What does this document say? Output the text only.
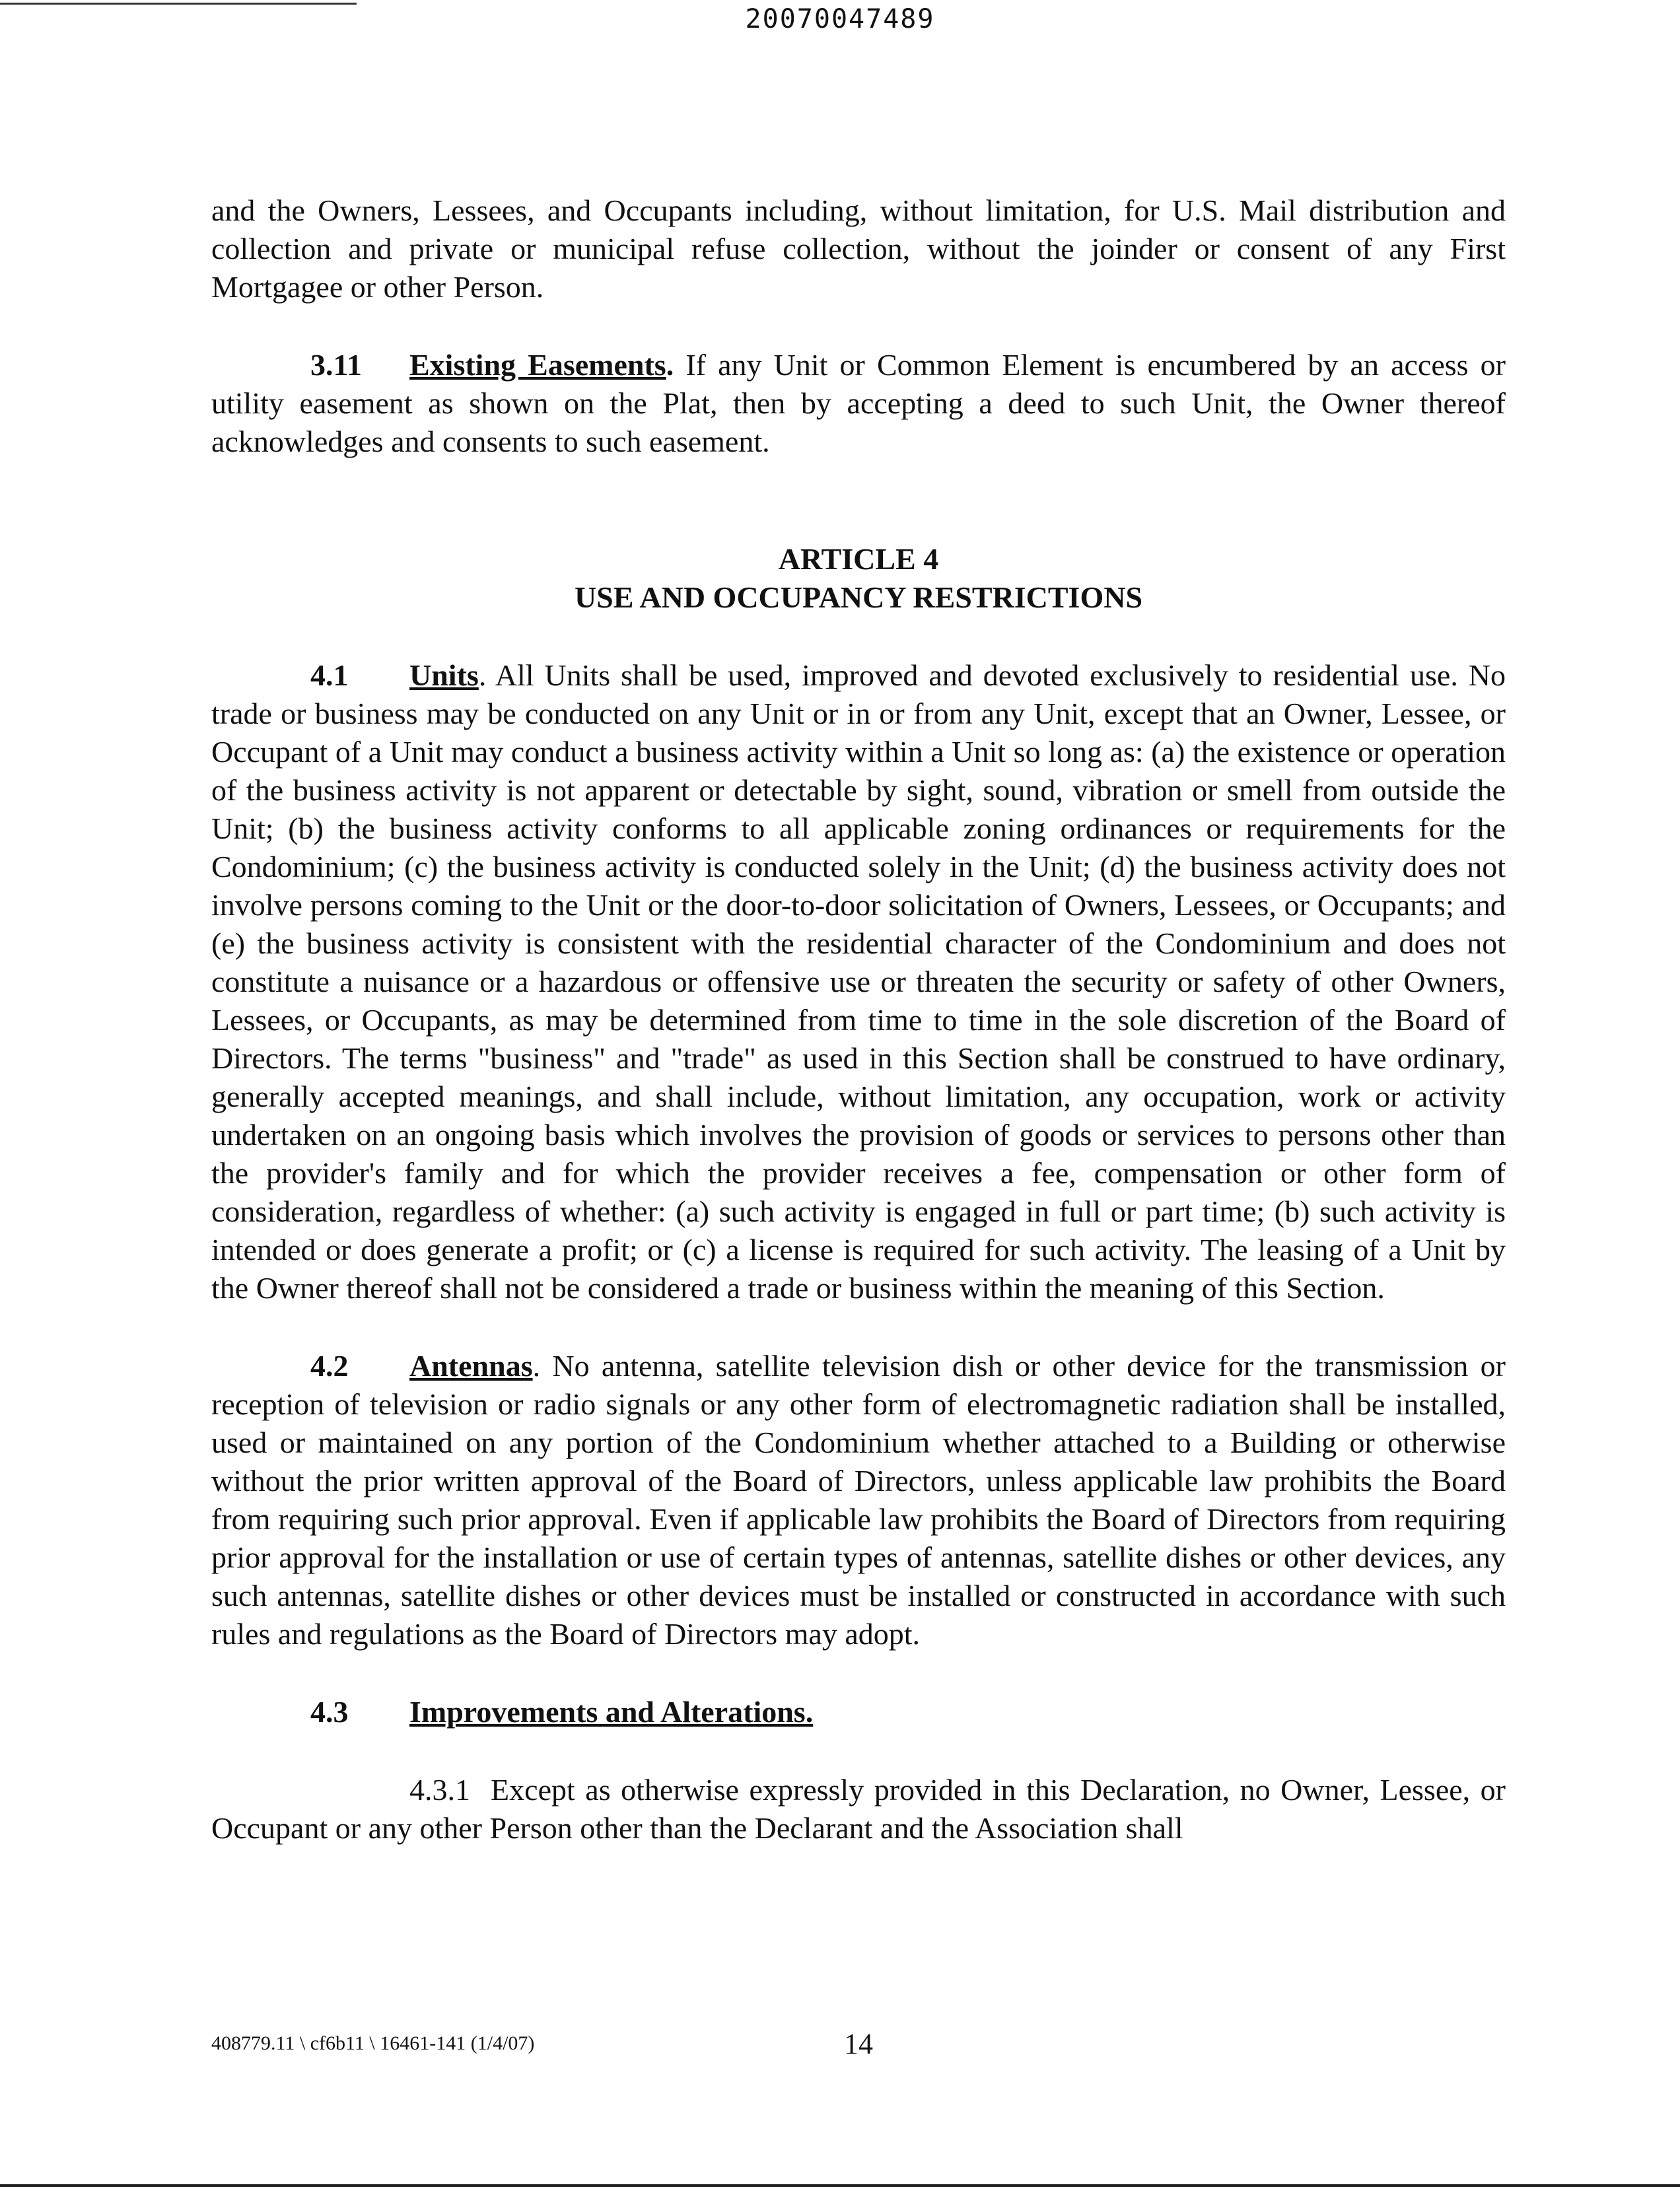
20070047489

and the Owners, Lessees, and Occupants including, without limitation, for U.S. Mail distribution and collection and private or municipal refuse collection, without the joinder or consent of any First Mortgagee or other Person.

3.11 Existing Easements. If any Unit or Common Element is encumbered by an access or utility easement as shown on the Plat, then by accepting a deed to such Unit, the Owner thereof acknowledges and consents to such easement.

ARTICLE 4
USE AND OCCUPANCY RESTRICTIONS

4.1 Units. All Units shall be used, improved and devoted exclusively to residential use. No trade or business may be conducted on any Unit or in or from any Unit, except that an Owner, Lessee, or Occupant of a Unit may conduct a business activity within a Unit so long as: (a) the existence or operation of the business activity is not apparent or detectable by sight, sound, vibration or smell from outside the Unit; (b) the business activity conforms to all applicable zoning ordinances or requirements for the Condominium; (c) the business activity is conducted solely in the Unit; (d) the business activity does not involve persons coming to the Unit or the door-to-door solicitation of Owners, Lessees, or Occupants; and (e) the business activity is consistent with the residential character of the Condominium and does not constitute a nuisance or a hazardous or offensive use or threaten the security or safety of other Owners, Lessees, or Occupants, as may be determined from time to time in the sole discretion of the Board of Directors. The terms "business" and "trade" as used in this Section shall be construed to have ordinary, generally accepted meanings, and shall include, without limitation, any occupation, work or activity undertaken on an ongoing basis which involves the provision of goods or services to persons other than the provider's family and for which the provider receives a fee, compensation or other form of consideration, regardless of whether: (a) such activity is engaged in full or part time; (b) such activity is intended or does generate a profit; or (c) a license is required for such activity. The leasing of a Unit by the Owner thereof shall not be considered a trade or business within the meaning of this Section.

4.2 Antennas. No antenna, satellite television dish or other device for the transmission or reception of television or radio signals or any other form of electromagnetic radiation shall be installed, used or maintained on any portion of the Condominium whether attached to a Building or otherwise without the prior written approval of the Board of Directors, unless applicable law prohibits the Board from requiring such prior approval. Even if applicable law prohibits the Board of Directors from requiring prior approval for the installation or use of certain types of antennas, satellite dishes or other devices, any such antennas, satellite dishes or other devices must be installed or constructed in accordance with such rules and regulations as the Board of Directors may adopt.

4.3 Improvements and Alterations.

4.3.1 Except as otherwise expressly provided in this Declaration, no Owner, Lessee, or Occupant or any other Person other than the Declarant and the Association shall

408779.11 \ cf6b11 \ 16461-141 (1/4/07)	14
